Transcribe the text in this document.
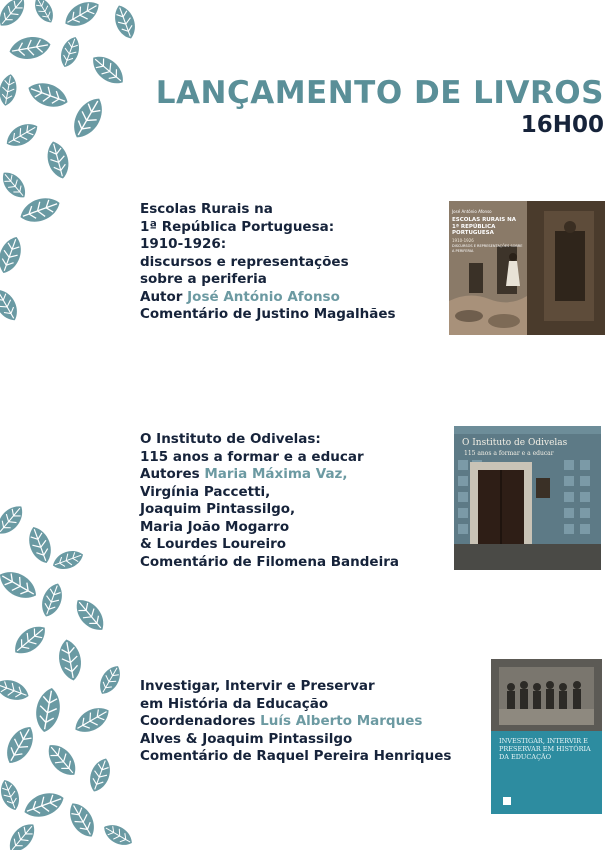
LANÇAMENTO DE LIVROS
16H00

Escolas Rurais na

1ª República Portuguesa:

1910-1926:

discursos e representações

sobre a periferia

Autor José António Afonso

Comentário de Justino Magalhães

José António Afonso
ESCOLAS RURAIS NA 1ª REPÚBLICA PORTUGUESA
1910-1926
DISCURSOS E REPRESENTAÇÕES SOBRE A PERIFERIA

O Instituto de Odivelas:

115 anos a formar e a educar

Autores Maria Máxima Vaz,

Virgínia Paccetti,

Joaquim Pintassilgo,

Maria João Mogarro

& Lourdes Loureiro

Comentário de Filomena Bandeira

O Instituto de Odivelas
115 anos a formar e a educar

Investigar, Intervir e Preservar

em História da Educação

Coordenadores Luís Alberto Marques

Alves & Joaquim Pintassilgo

Comentário de Raquel Pereira Henriques

INVESTIGAR, INTERVIR E PRESERVAR EM HISTÓRIA DA EDUCAÇÃO
